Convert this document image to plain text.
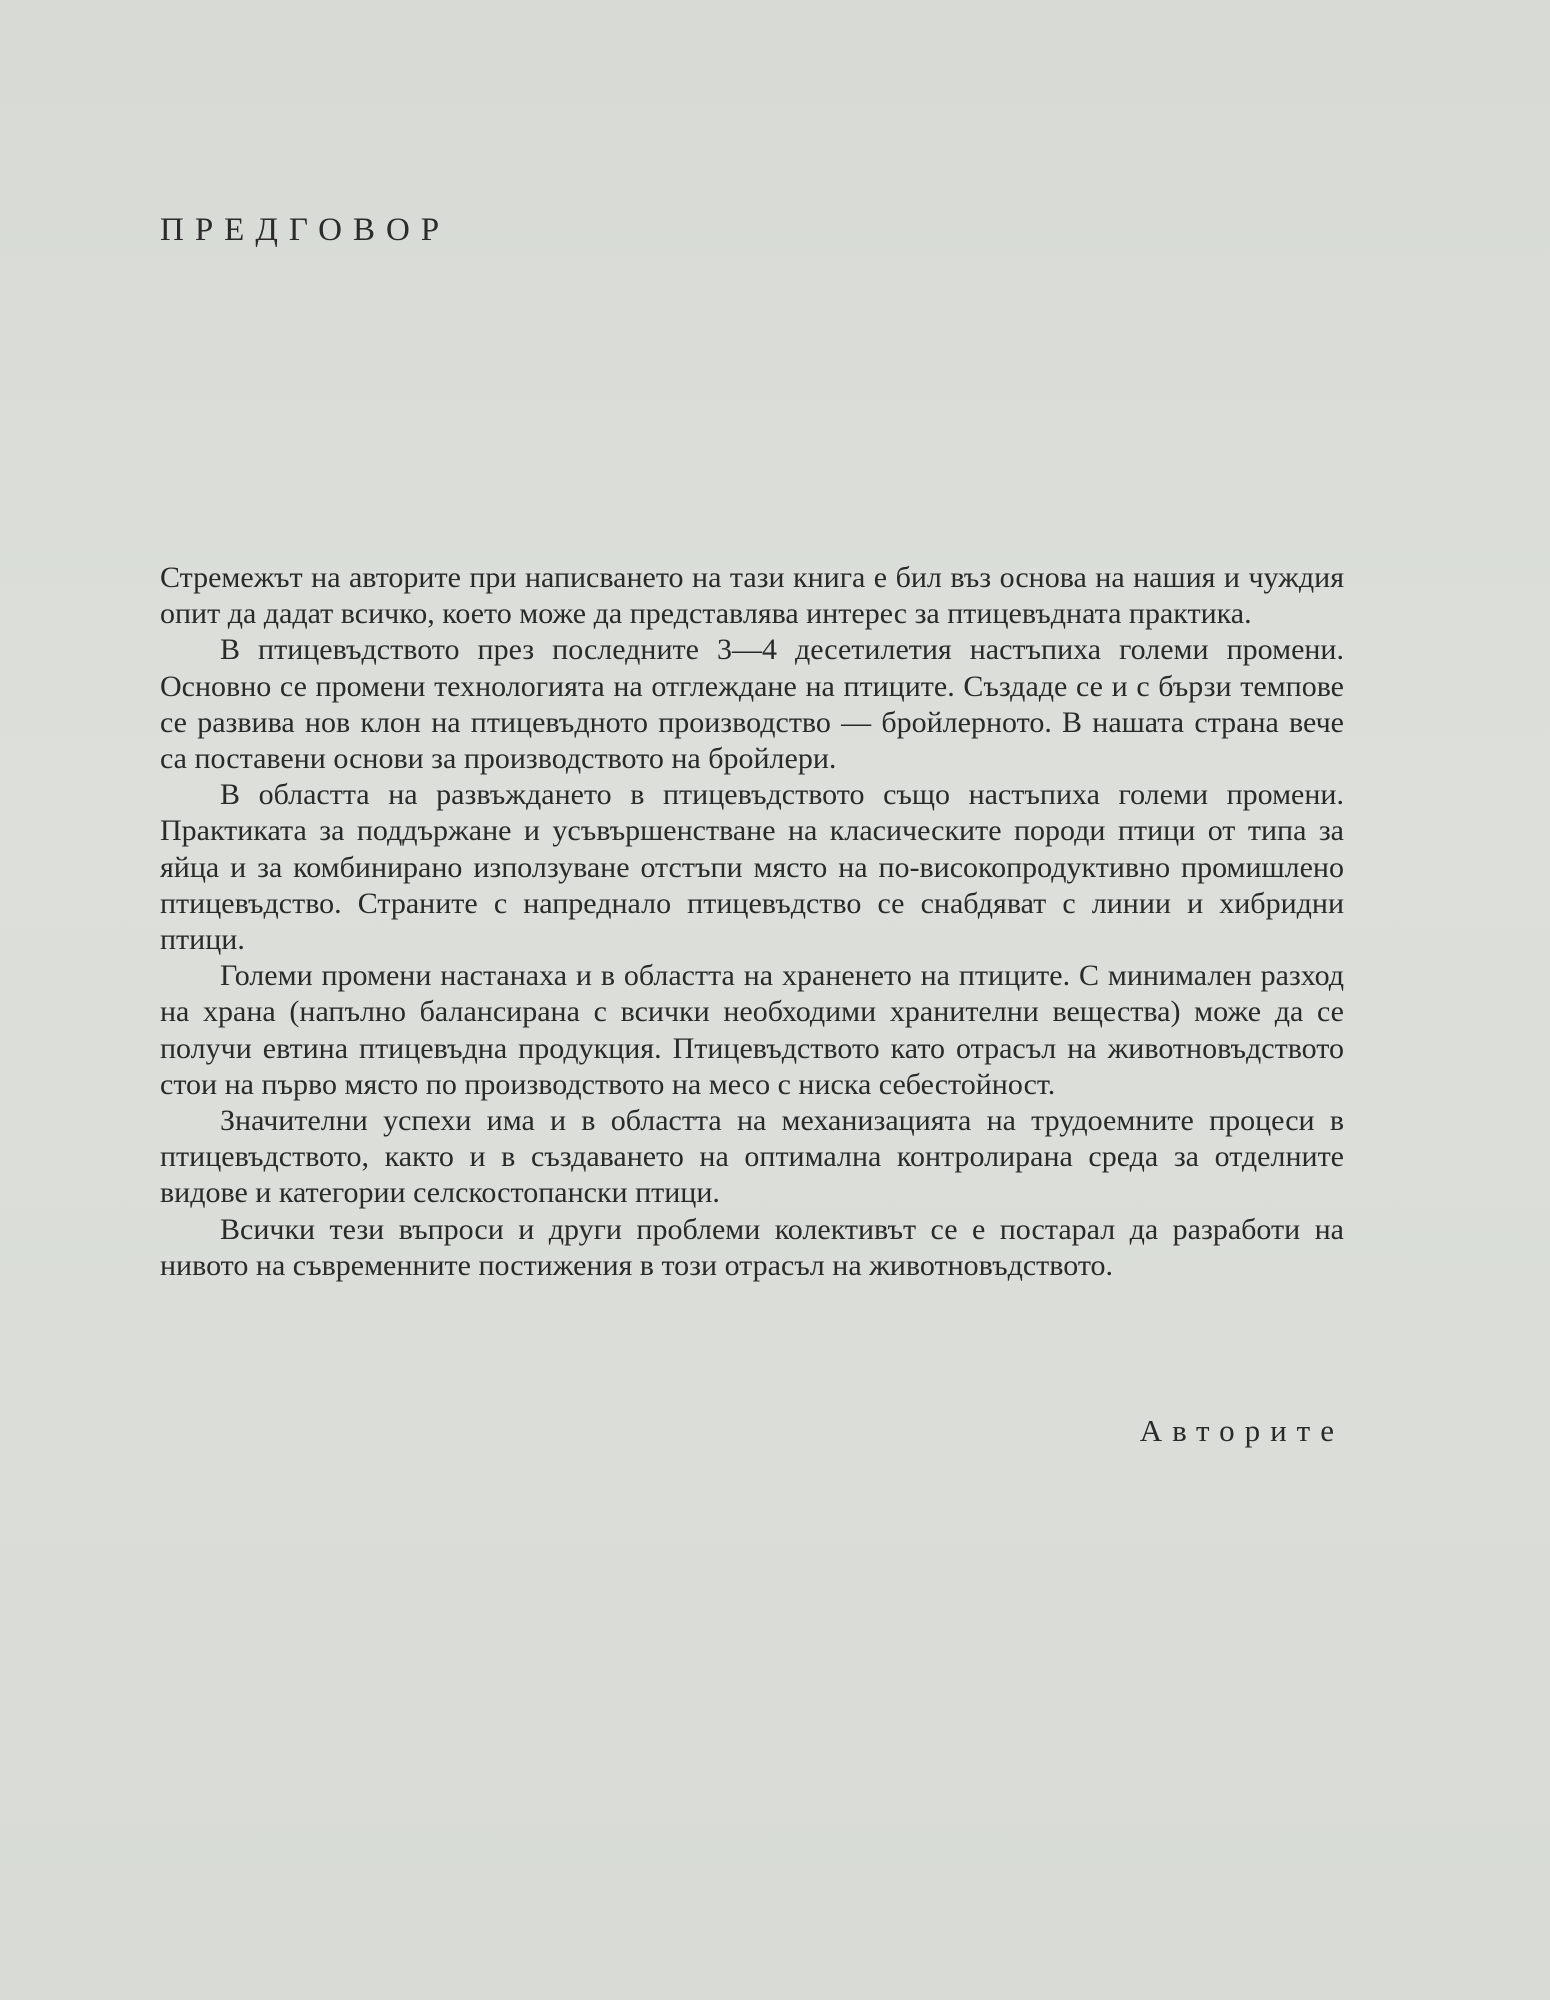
ПРЕДГОВОР

Стремежът на авторите при написването на тази книга е бил въз основа на нашия и чуждия опит да дадат всичко, което може да представлява интерес за птицевъдната практика.

В птицевъдството през последните 3—4 десетилетия настъпиха големи промени. Основно се промени технологията на отглеждане на птиците. Създаде се и с бързи темпове се развива нов клон на птицевъдното производство — бройлерното. В нашата страна вече са поставени основи за производството на бройлери.

В областта на развъждането в птицевъдството също настъпиха големи промени. Практиката за поддържане и усъвършенстване на класическите породи птици от типа за яйца и за комбинирано използуване отстъпи място на по-високопродуктивно промишлено птицевъдство. Страните с напреднало птицевъдство се снабдяват с линии и хибридни птици.

Големи промени настанаха и в областта на храненето на птиците. С минимален разход на храна (напълно балансирана с всички необходими хранителни вещества) може да се получи евтина птицевъдна продукция. Птицевъдството като отрасъл на животновъдството стои на първо място по производството на месо с ниска себестойност.

Значителни успехи има и в областта на механизацията на трудоемните процеси в птицевъдството, както и в създаването на оптимална контролирана среда за отделните видове и категории селскостопански птици.

Всички тези въпроси и други проблеми колективът се е постарал да разработи на нивото на съвременните постижения в този отрасъл на животновъдството.

Авторите
